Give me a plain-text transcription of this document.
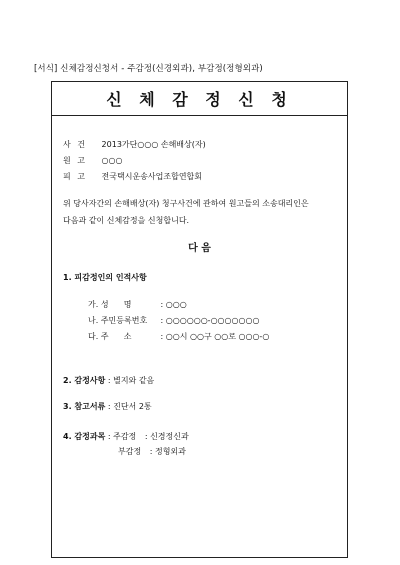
[서식] 신체감정신청서 - 주감정(신경외과), 부감정(정형외과)
신 체 감 정 신 청
사 건 2013가단○○○ 손해배상(자)
원 고 ○○○
피 고 전국택시운송사업조합연합회
위 당사자간의 손해배상(자) 청구사건에 관하여 원고들의 소송대리인은
다음과 같이 신체감정을 신청합니다.
다 음
1. 피감정인의 인적사항
가. 성      명	: ○○○
나. 주민등록번호 : ○○○○○○-○○○○○○○
다. 주      소	: ○○시 ○○구 ○○로 ○○○-○
2. 감정사항 : 별지와 같음
3. 참고서류 : 진단서 2통
4. 감정과목 : 주감정 : 신경정신과
부감정 : 정형외과
